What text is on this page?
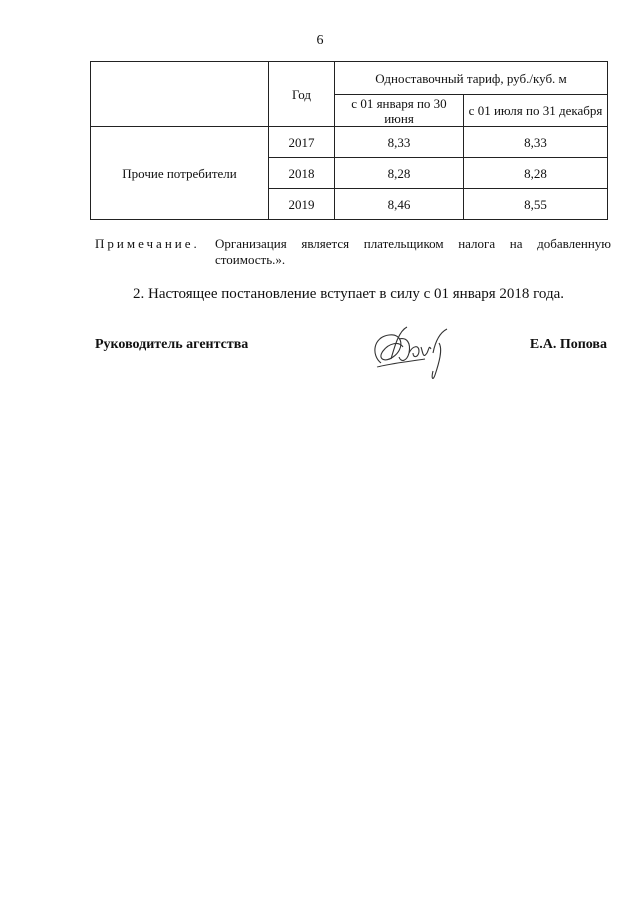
6
	Год	Одноставочный тариф, руб./куб. м	
		с 01 января по 30 июня	с 01 июля по 31 декабря
Прочие потребители	2017	8,33	8,33
	2018	8,28	8,28
	2019	8,46	8,55
Примечание. Организация является плательщиком налога на добавленную
стоимость.».
2. Настоящее постановление вступает в силу с 01 января 2018 года.
Руководитель агентства	Е.А. Попова
